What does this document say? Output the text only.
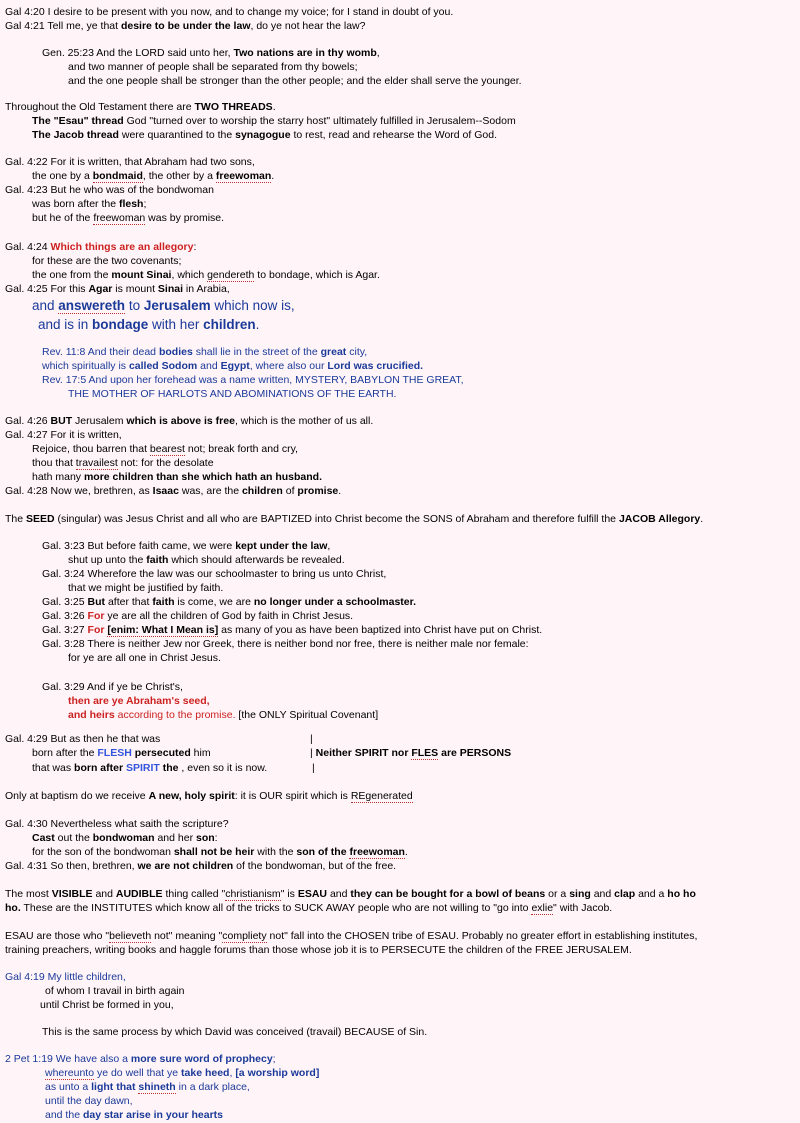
Gal 4:20 I desire to be present with you now, and to change my voice; for I stand in doubt of you.
Gal 4:21 Tell me, ye that desire to be under the law, do ye not hear the law?
Gen. 25:23 And the LORD said unto her, Two nations are in thy womb,
and two manner of people shall be separated from thy bowels;
and the one people shall be stronger than the other people; and the elder shall serve the younger.
Throughout the Old Testament there are TWO THREADS.
The "Esau" thread God "turned over to worship the starry host" ultimately fulfilled in Jerusalem--Sodom
The Jacob thread were quarantined to the synagogue to rest, read and rehearse the Word of God.
Gal. 4:22 For it is written, that Abraham had two sons,
the one by a bondmaid, the other by a freewoman.
Gal. 4:23 But he who was of the bondwoman
was born after the flesh;
but he of the freewoman was by promise.
Gal. 4:24 Which things are an allegory:
for these are the two covenants;
the one from the mount Sinai, which gendereth to bondage, which is Agar.
Gal. 4:25 For this Agar is mount Sinai in Arabia,
and answereth to Jerusalem which now is,
and is in bondage with her children.
Rev. 11:8 And their dead bodies shall lie in the street of the great city,
which spiritually is called Sodom and Egypt, where also our Lord was crucified.
Rev. 17:5 And upon her forehead was a name written, MYSTERY, BABYLON THE GREAT,
THE MOTHER OF HARLOTS AND ABOMINATIONS OF THE EARTH.
Gal. 4:26 BUT Jerusalem which is above is free, which is the mother of us all.
Gal. 4:27 For it is written,
Rejoice, thou barren that bearest not; break forth and cry,
thou that travailest not: for the desolate
hath many more children than she which hath an husband.
Gal. 4:28 Now we, brethren, as Isaac was, are the children of promise.
The SEED (singular) was Jesus Christ and all who are BAPTIZED into Christ become the SONS of Abraham and therefore fulfill the JACOB Allegory.
Gal. 3:23 But before faith came, we were kept under the law,
shut up unto the faith which should afterwards be revealed.
Gal. 3:24 Wherefore the law was our schoolmaster to bring us unto Christ,
that we might be justified by faith.
Gal. 3:25 But after that faith is come, we are no longer under a schoolmaster.
Gal. 3:26 For ye are all the children of God by faith in Christ Jesus.
Gal. 3:27 For [enim: What I Mean is] as many of you as have been baptized into Christ have put on Christ.
Gal. 3:28 There is neither Jew nor Greek, there is neither bond nor free, there is neither male nor female:
for ye are all one in Christ Jesus.
Gal. 3:29 And if ye be Christ's,
then are ye Abraham's seed,
and heirs according to the promise. [the ONLY Spiritual Covenant]
Gal. 4:29 But as then he that was
born after the FLESH persecuted him
that was born after SPIRIT the , even so it is now.
|
| Neither SPIRIT nor FLES are PERSONS
|
Only at baptism do we receive A new, holy spirit: it is OUR spirit which is REgenerated
Gal. 4:30 Nevertheless what saith the scripture?
Cast out the bondwoman and her son:
for the son of the bondwoman shall not be heir with the son of the freewoman.
Gal. 4:31 So then, brethren, we are not children of the bondwoman, but of the free.
The most VISIBLE and AUDIBLE thing called "christianism" is ESAU and they can be bought for a bowl of beans or a sing and clap and a ho ho
ho. These are the INSTITUTES which know all of the tricks to SUCK AWAY people who are not willing to "go into exlie" with Jacob.
ESAU are those who "believeth not" meaning "compliety not" fall into the CHOSEN tribe of ESAU. Probably no greater effort in establishing institutes,
training preachers, writing books and haggle forums than those whose job it is to PERSECUTE the children of the FREE JERUSALEM.
Gal 4:19 My little children,
of whom I travail in birth again
until Christ be formed in you,
This is the same process by which David was conceived (travail) BECAUSE of Sin.
2 Pet 1:19 We have also a more sure word of prophecy;
whereunto ye do well that ye take heed, [a worship word]
as unto a light that shineth in a dark place,
until the day dawn,
and the day star arise in your hearts
